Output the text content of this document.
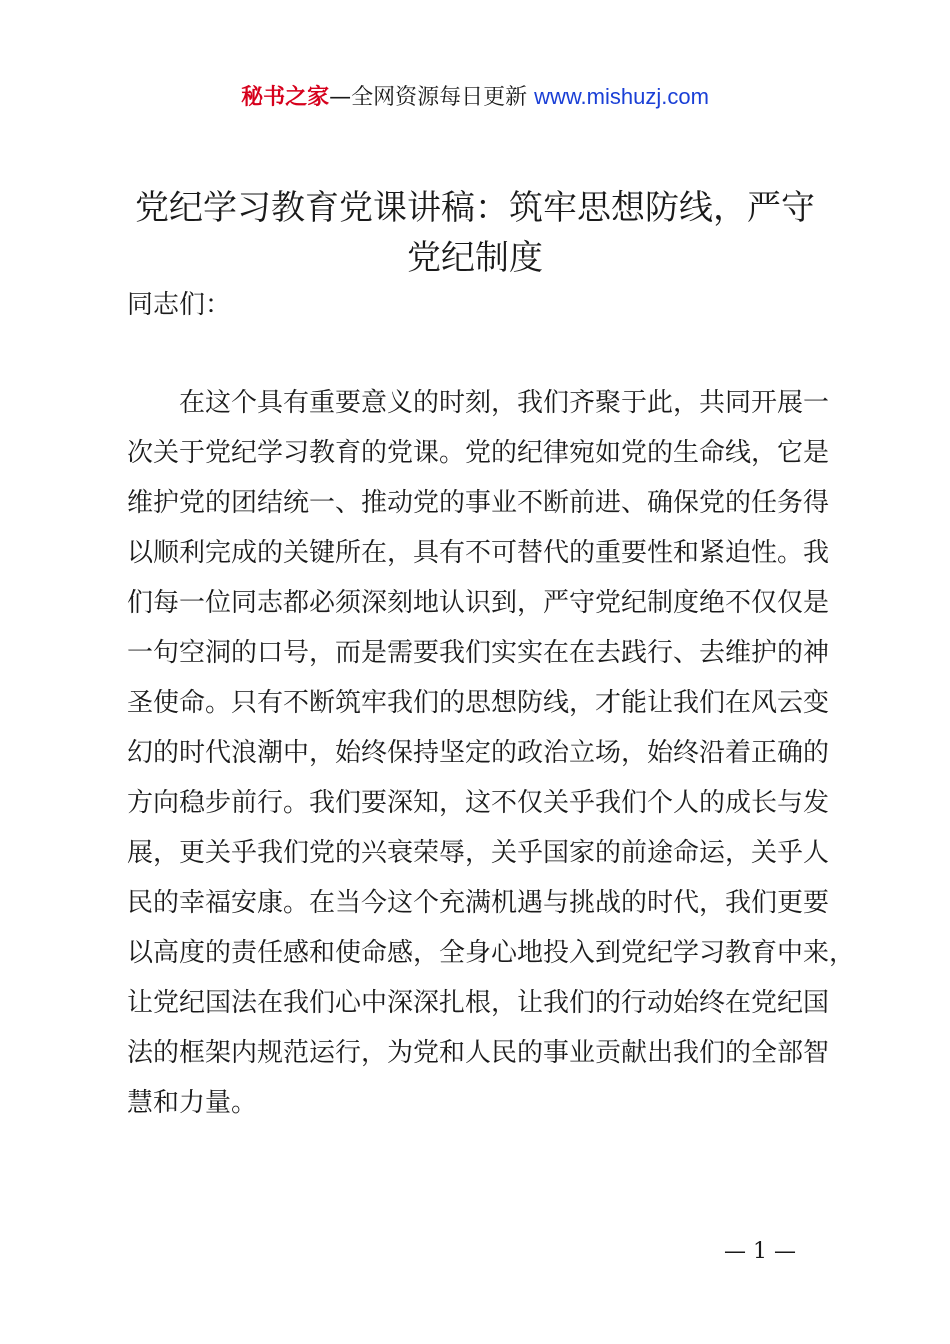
秘书之家—全网资源每日更新 www.mishuzj.com
党纪学习教育党课讲稿：筑牢思想防线，严守
党纪制度
同志们：
在这个具有重要意义的时刻，我们齐聚于此，共同开展一
次关于党纪学习教育的党课。党的纪律宛如党的生命线，它是
维护党的团结统一、推动党的事业不断前进、确保党的任务得
以顺利完成的关键所在，具有不可替代的重要性和紧迫性。我
们每一位同志都必须深刻地认识到，严守党纪制度绝不仅仅是
一句空洞的口号，而是需要我们实实在在去践行、去维护的神
圣使命。只有不断筑牢我们的思想防线，才能让我们在风云变
幻的时代浪潮中，始终保持坚定的政治立场，始终沿着正确的
方向稳步前行。我们要深知，这不仅关乎我们个人的成长与发
展，更关乎我们党的兴衰荣辱，关乎国家的前途命运，关乎人
民的幸福安康。在当今这个充满机遇与挑战的时代，我们更要
以高度的责任感和使命感，全身心地投入到党纪学习教育中来，
让党纪国法在我们心中深深扎根，让我们的行动始终在党纪国
法的框架内规范运行，为党和人民的事业贡献出我们的全部智
慧和力量。
— 1 —
